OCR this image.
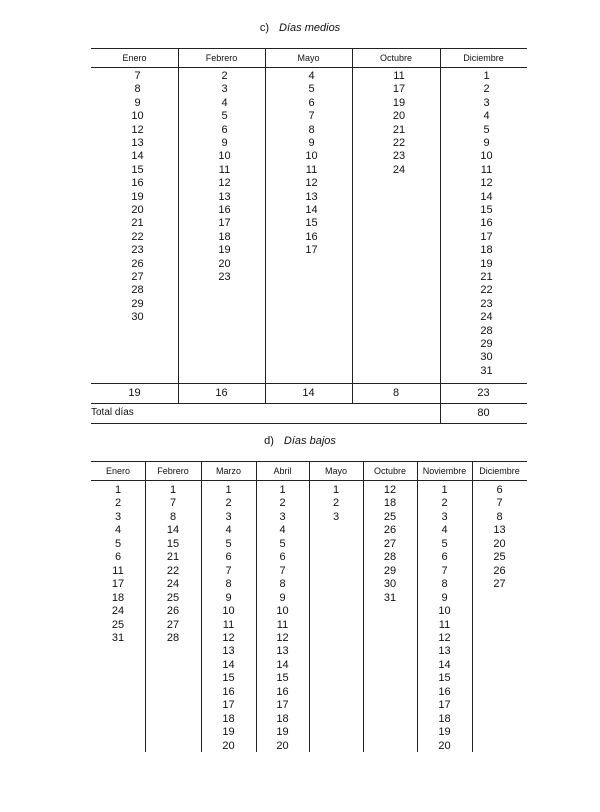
c) Días medios
Enero
7
8
9
10
12
13
14
15
16
19
20
21
22
23
26
27
28
29
30
19
Febrero
2
3
4
5
6
9
10
11
12
13
16
17
18
19
20
23
16
Mayo
4
5
6
7
8
9
10
11
12
13
14
15
16
17
14
Octubre
11
17
19
20
21
22
23
24
8
Diciembre
1
2
3
4
5
9
10
11
12
14
15
16
17
18
19
21
22
23
24
28
29
30
31
23
Total días	80
d) Días bajos
Enero
1
2
3
4
5
6
11
17
18
24
25
31
Febrero
1
7
8
14
15
21
22
24
25
26
27
28
Marzo
1
2
3
4
5
6
7
8
9
10
11
12
13
14
15
16
17
18
19
20
Abril
1
2
3
4
5
6
7
8
9
10
11
12
13
14
15
16
17
18
19
20
Mayo
1
2
3
Octubre
12
18
25
26
27
28
29
30
31
Noviembre
1
2
3
4
5
6
7
8
9
10
11
12
13
14
15
16
17
18
19
20
Diciembre
6
7
8
13
20
25
26
27
